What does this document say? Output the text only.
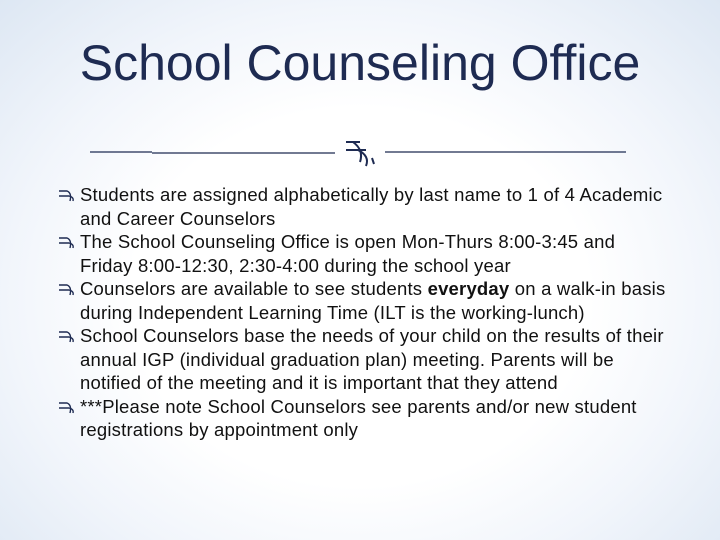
School Counseling Office
Students are assigned alphabetically by last name to 1 of 4 Academic and Career Counselors
The School Counseling Office is open Mon-Thurs 8:00-3:45 and Friday 8:00-12:30, 2:30-4:00 during the school year
Counselors are available to see students everyday on a walk-in basis during Independent Learning Time (ILT is the working-lunch)
School Counselors base the needs of your child on the results of their annual IGP (individual graduation plan) meeting. Parents will be notified of the meeting and it is important that they attend
***Please note School Counselors see parents and/or new student registrations by appointment only
